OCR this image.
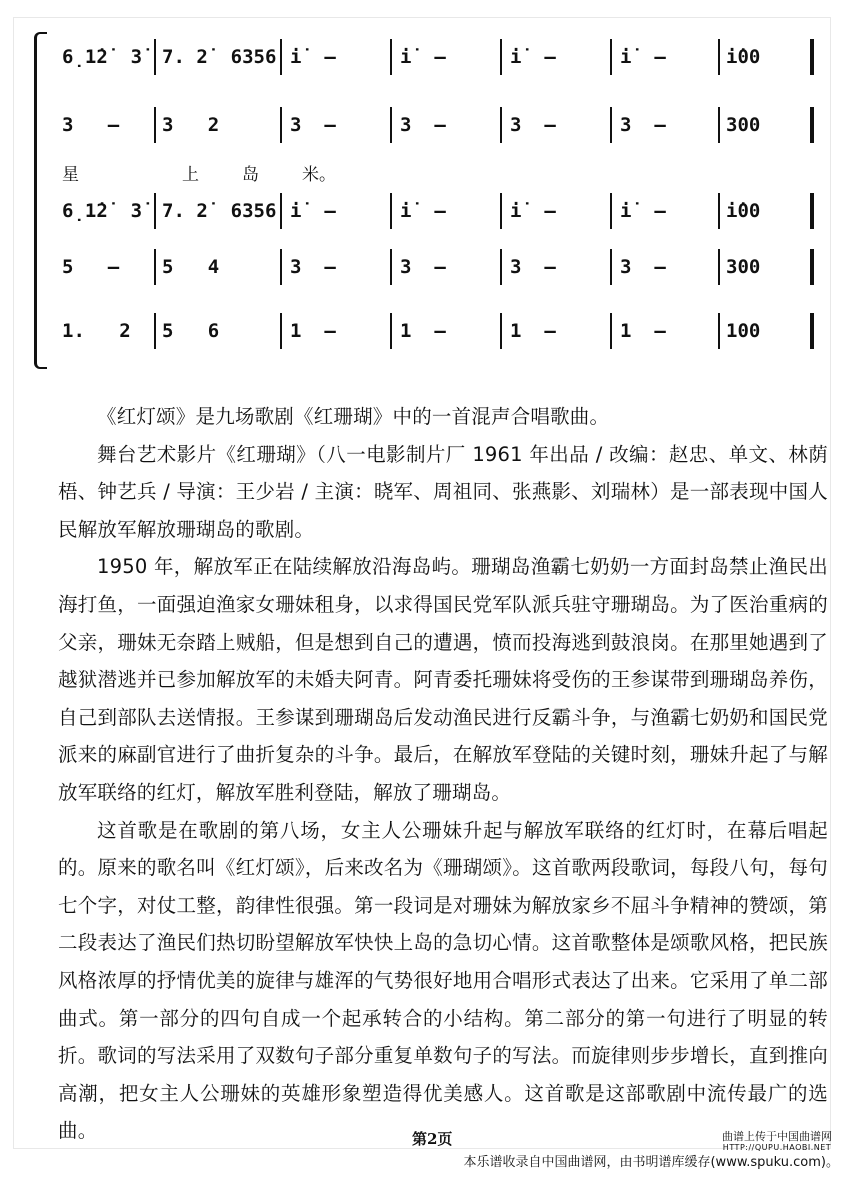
6̣1̇2̇  3̇ 7. 2̇  6356 i̇  –	i̇  –	i̇  –	i̇  –	i̇00
3   – 3   2	3  –	3  –	3  –	3  –	300
6̣1̇2̇  3̇ 7. 2̇  6356 i̇  –	i̇  –	i̇  –	i̇  –	i̇00
5   – 5   4	3  –	3  –	3  –	3  –	300
1.   2 5   6	1  –	1  –	1  –	1  –	100
星	上	岛	米。

《红灯颂》是九场歌剧《红珊瑚》中的一首混声合唱歌曲。

舞台艺术影片《红珊瑚》（八一电影制片厂 1961 年出品 / 改编：赵忠、单文、林荫梧、钟艺兵 / 导演：王少岩 / 主演：晓军、周祖同、张燕影、刘瑞林）是一部表现中国人民解放军解放珊瑚岛的歌剧。

1950 年，解放军正在陆续解放沿海岛屿。珊瑚岛渔霸七奶奶一方面封岛禁止渔民出海打鱼，一面强迫渔家女珊妹租身，以求得国民党军队派兵驻守珊瑚岛。为了医治重病的父亲，珊妹无奈踏上贼船，但是想到自己的遭遇，愤而投海逃到鼓浪岗。在那里她遇到了越狱潜逃并已参加解放军的未婚夫阿青。阿青委托珊妹将受伤的王参谋带到珊瑚岛养伤，自己到部队去送情报。王参谋到珊瑚岛后发动渔民进行反霸斗争，与渔霸七奶奶和国民党派来的麻副官进行了曲折复杂的斗争。最后，在解放军登陆的关键时刻，珊妹升起了与解放军联络的红灯，解放军胜利登陆，解放了珊瑚岛。

这首歌是在歌剧的第八场，女主人公珊妹升起与解放军联络的红灯时，在幕后唱起的。原来的歌名叫《红灯颂》，后来改名为《珊瑚颂》。这首歌两段歌词，每段八句，每句七个字，对仗工整，韵律性很强。第一段词是对珊妹为解放家乡不屈斗争精神的赞颂，第二段表达了渔民们热切盼望解放军快快上岛的急切心情。这首歌整体是颂歌风格，把民族风格浓厚的抒情优美的旋律与雄浑的气势很好地用合唱形式表达了出来。它采用了单二部曲式。第一部分的四句自成一个起承转合的小结构。第二部分的第一句进行了明显的转折。歌词的写法采用了双数句子部分重复单数句子的写法。而旋律则步步增长，直到推向高潮，把女主人公珊妹的英雄形象塑造得优美感人。这首歌是这部歌剧中流传最广的选曲。	第2页	曲谱上传于中国曲谱网
HTTP://QUPU.HAOBI.NET
本乐谱收录自中国曲谱网，由书明谱库缓存(www.spuku.com)。
